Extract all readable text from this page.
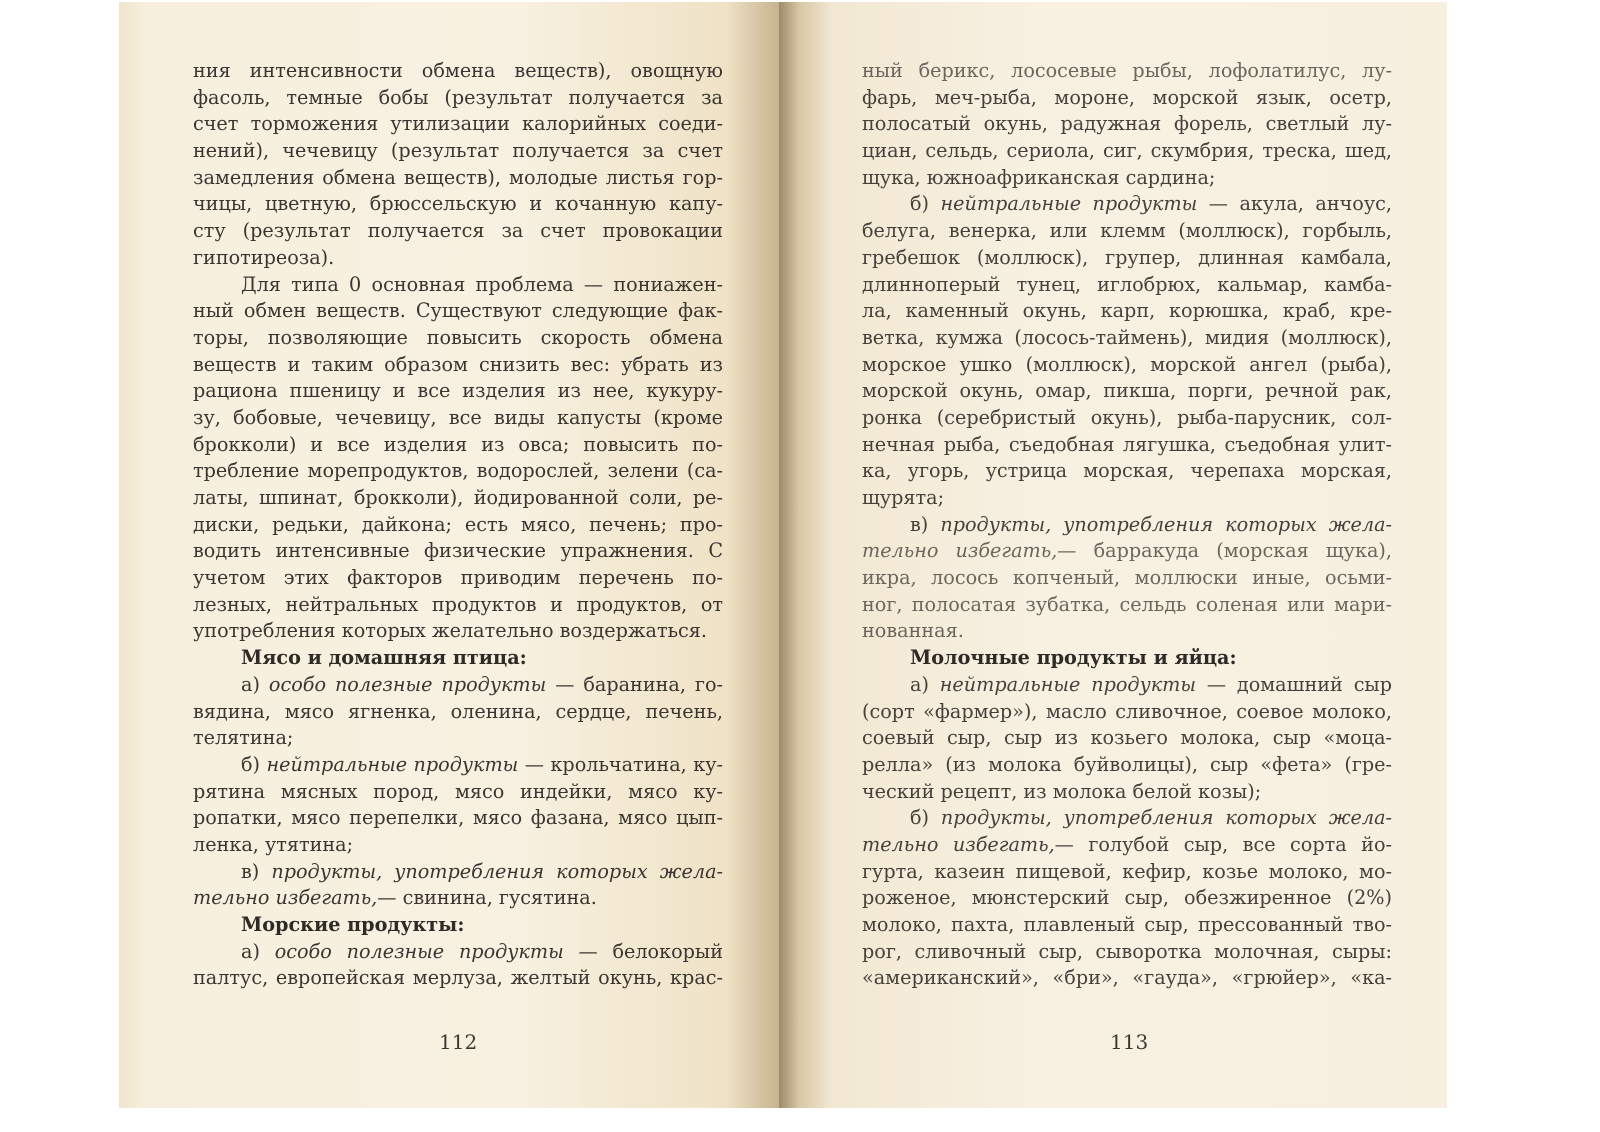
ния интенсивности обмена веществ), овощную
фасоль, темные бобы (результат получается за
счет торможения утилизации калорийных соеди-
нений), чечевицу (результат получается за счет
замедления обмена веществ), молодые листья гор-
чицы, цветную, брюссельскую и кочанную капу-
сту (результат получается за счет провокации
гипотиреоза).
Для типа 0 основная проблема — пониажен-
ный обмен веществ. Существуют следующие фак-
торы, позволяющие повысить скорость обмена
веществ и таким образом снизить вес: убрать из
рациона пшеницу и все изделия из нее, кукуру-
зу, бобовые, чечевицу, все виды капусты (кроме
брокколи) и все изделия из овса; повысить по-
требление морепродуктов, водорослей, зелени (са-
латы, шпинат, брокколи), йодированной соли, ре-
диски, редьки, дайкона; есть мясо, печень; про-
водить интенсивные физические упражнения. С
учетом этих факторов приводим перечень по-
лезных, нейтральных продуктов и продуктов, от
употребления которых желательно воздержаться.
Мясо и домашняя птица:
а) особо полезные продукты — баранина, го-
вядина, мясо ягненка, оленина, сердце, печень,
телятина;
б) нейтральные продукты — крольчатина, ку-
рятина мясных пород, мясо индейки, мясо ку-
ропатки, мясо перепелки, мясо фазана, мясо цып-
ленка, утятина;
в) продукты, употребления которых жела-
тельно избегать,— свинина, гусятина.
Морские продукты:
а) особо полезные продукты — белокорый
палтус, европейская мерлуза, желтый окунь, крас-
112
ный берикс, лососевые рыбы, лофолатилус, лу-
фарь, меч-рыба, мороне, морской язык, осетр,
полосатый окунь, радужная форель, светлый лу-
циан, сельдь, сериола, сиг, скумбрия, треска, шед,
щука, южноафриканская сардина;
б) нейтральные продукты — акула, анчоус,
белуга, венерка, или клемм (моллюск), горбыль,
гребешок (моллюск), групер, длинная камбала,
длинноперый тунец, иглобрюх, кальмар, камба-
ла, каменный окунь, карп, корюшка, краб, кре-
ветка, кумжа (лосось-таймень), мидия (моллюск),
морское ушко (моллюск), морской ангел (рыба),
морской окунь, омар, пикша, порги, речной рак,
ронка (серебристый окунь), рыба-парусник, сол-
нечная рыба, съедобная лягушка, съедобная улит-
ка, угорь, устрица морская, черепаха морская,
щурята;
в) продукты, употребления которых жела-
тельно избегать,— барракуда (морская щука),
икра, лосось копченый, моллюски иные, осьми-
ног, полосатая зубатка, сельдь соленая или мари-
нованная.
Молочные продукты и яйца:
а) нейтральные продукты — домашний сыр
(сорт «фармер»), масло сливочное, соевое молоко,
соевый сыр, сыр из козьего молока, сыр «моца-
релла» (из молока буйволицы), сыр «фета» (гре-
ческий рецепт, из молока белой козы);
б) продукты, употребления которых жела-
тельно избегать,— голубой сыр, все сорта йо-
гурта, казеин пищевой, кефир, козье молоко, мо-
роженое, мюнстерский сыр, обезжиренное (2%)
молоко, пахта, плавленый сыр, прессованный тво-
рог, сливочный сыр, сыворотка молочная, сыры:
«американский», «бри», «гауда», «грюйер», «ка-
113
